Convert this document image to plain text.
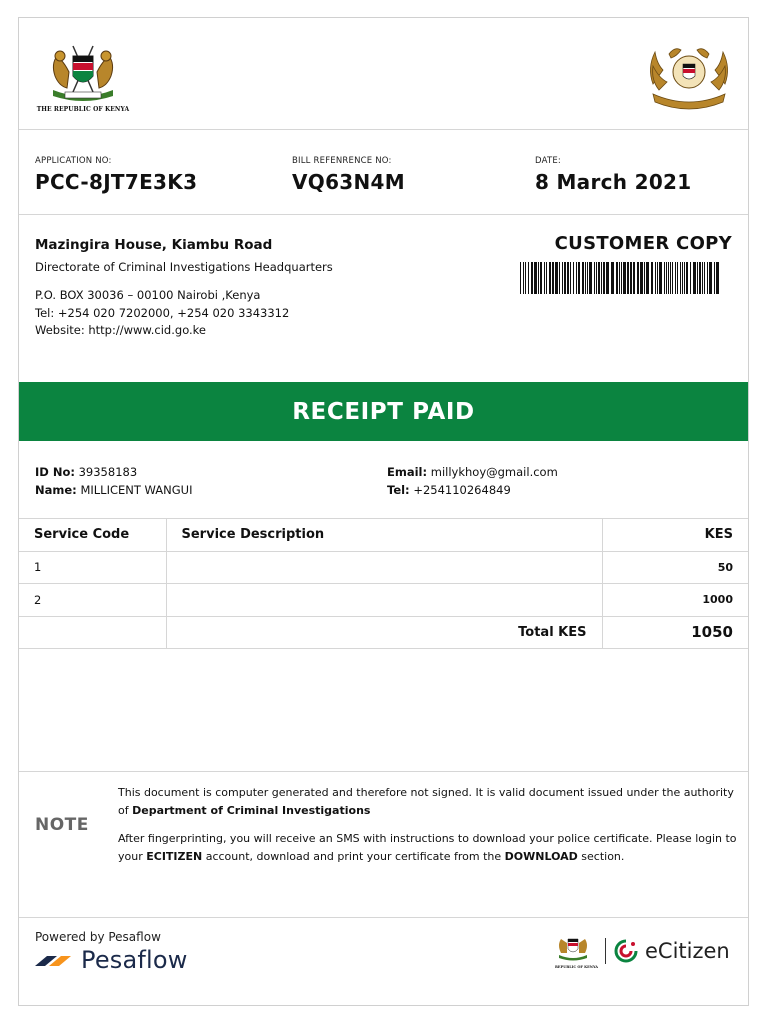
THE REPUBLIC OF KENYA
APPLICATION NO:
PCC-8JT7E3K3
BILL REFENRENCE NO:
VQ63N4M
DATE:
8 March 2021
Mazingira House, Kiambu Road
Directorate of Criminal Investigations Headquarters
P.O. BOX 30036 – 00100 Nairobi ,Kenya
Tel: +254 020 7202000, +254 020 3343312
Website: http://www.cid.go.ke
CUSTOMER COPY
RECEIPT PAID
ID No: 39358183
Name: MILLICENT WANGUI
Email: millykhoy@gmail.com
Tel: +254110264849
Service Code	Service Description	KES
1		50
2		1000
	Total KES	1050
NOTE

This document is computer generated and therefore not signed. It is valid document issued under the authority of Department of Criminal Investigations

After fingerprinting, you will receive an SMS with instructions to download your police certificate. Please login to your ECITIZEN account, download and print your certificate from the DOWNLOAD section.

Powered by Pesaflow
Pesaflow	REPUBLIC OF KENYA
eCitizen
